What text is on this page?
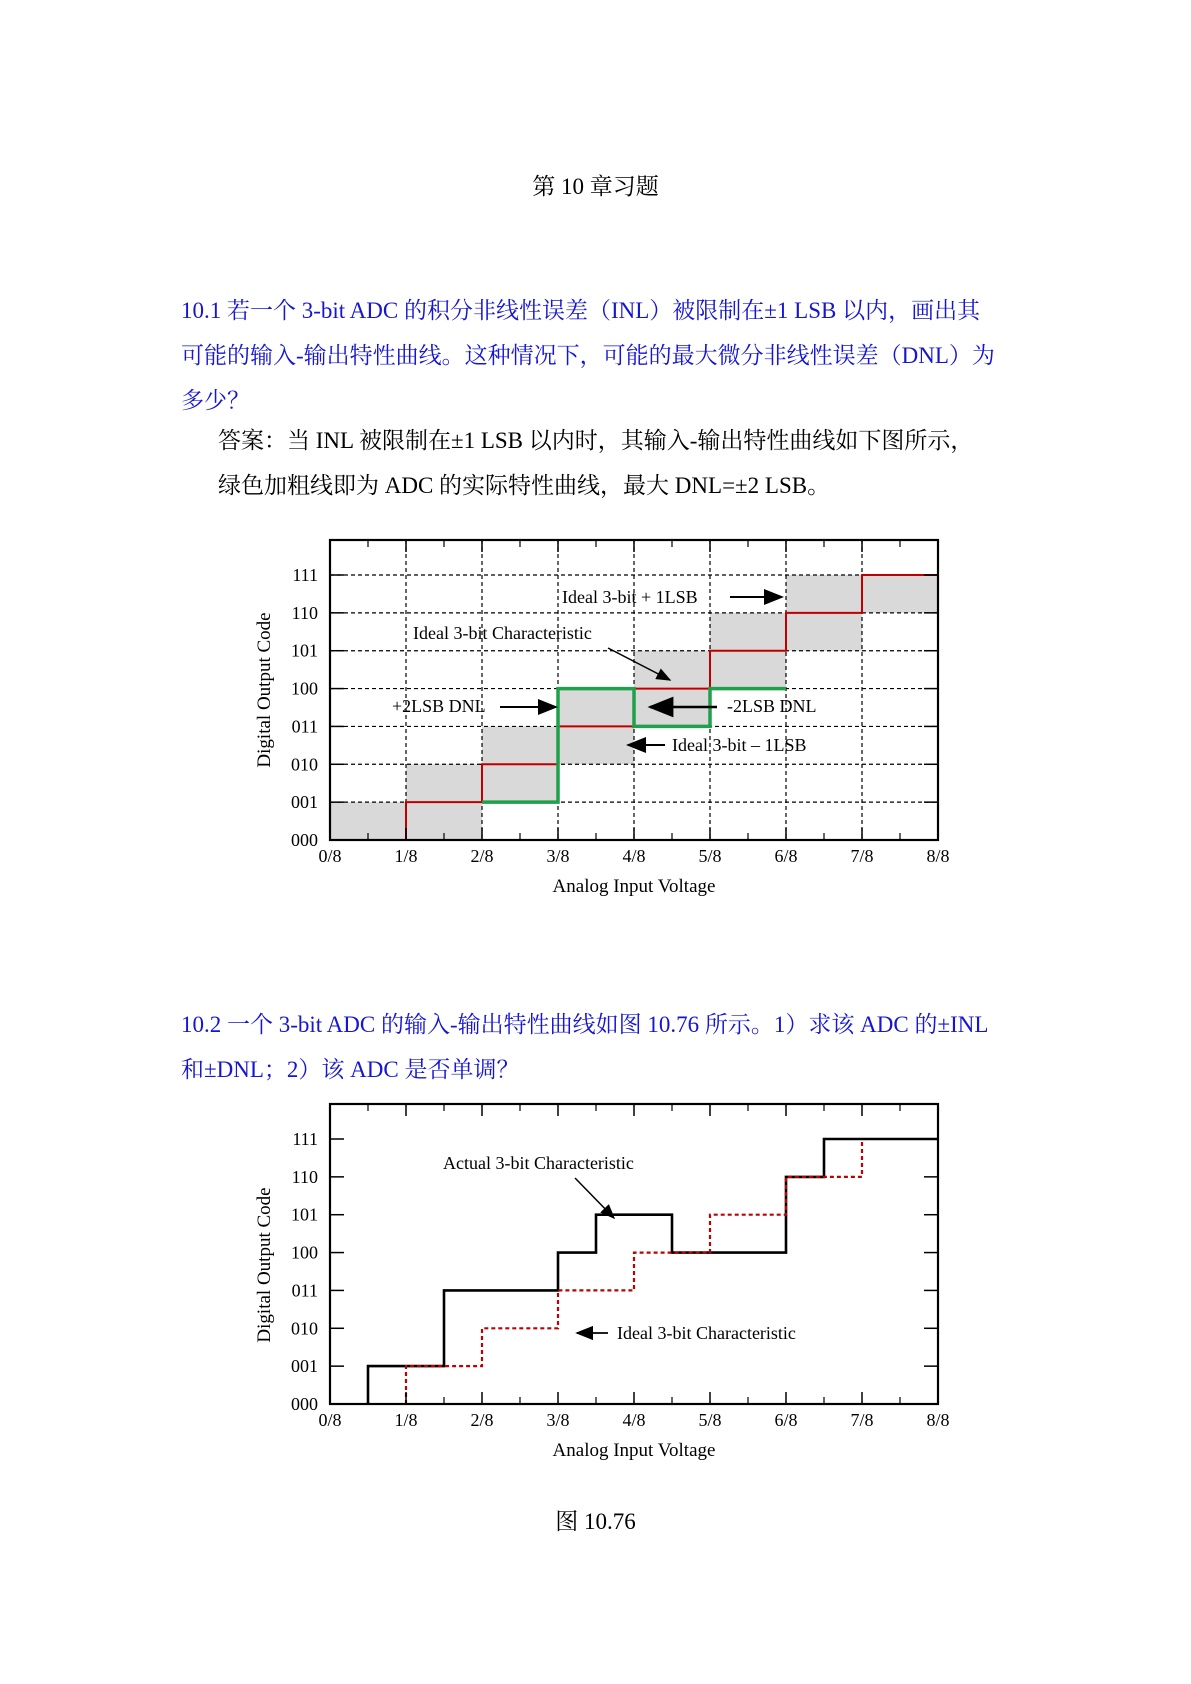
第 10 章习题
10.1 若一个 3-bit ADC 的积分非线性误差（INL）被限制在±1 LSB 以内，画出其
可能的输入-输出特性曲线。这种情况下，可能的最大微分非线性误差（DNL）为
多少？
答案：当 INL 被限制在±1 LSB 以内时，其输入-输出特性曲线如下图所示，
绿色加粗线即为 ADC 的实际特性曲线，最大 DNL=±2 LSB。
000
001
010
011
100
101
110
111
0/8	1/8	2/8	3/8	4/8	5/8	6/8	7/8	8/8
Analog Input Voltage
Digital Output Code
Ideal 3-bit + 1LSB
Ideal 3-bit Characteristic
+2LSB DNL	-2LSB DNL
Ideal 3-bit – 1LSB
10.2 一个 3-bit ADC 的输入-输出特性曲线如图 10.76 所示。1）求该 ADC 的±INL
和±DNL；2）该 ADC 是否单调？
000
001
010
011
100
101
110
111
0/8	1/8	2/8	3/8	4/8	5/8	6/8	7/8	8/8
Analog Input Voltage
Digital Output Code
Actual 3-bit Characteristic
Ideal 3-bit Characteristic
图 10.76
